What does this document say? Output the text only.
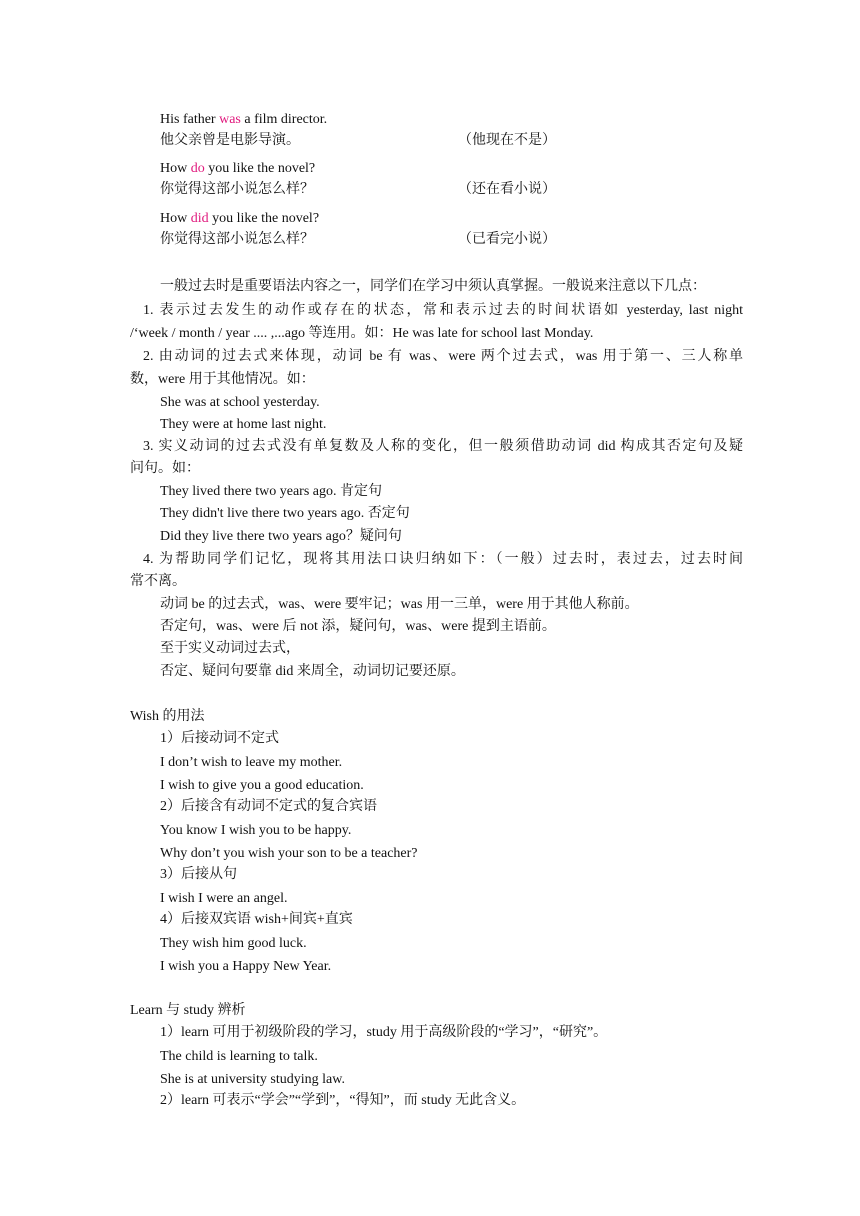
His father was a film director.
他父亲曾是电影导演。	（他现在不是）
How do you like the novel?
你觉得这部小说怎么样？	（还在看小说）
How did you like the novel?
你觉得这部小说怎么样？	（已看完小说）
一般过去时是重要语法内容之一，同学们在学习中须认真掌握。一般说来注意以下几点：
1. 表示过去发生的动作或存在的状态，常和表示过去的时间状语如 yesterday, last night
/‘week / month / year .... ,...ago 等连用。如：He was late for school last Monday.
2. 由动词的过去式来体现，动词 be 有 was、were 两个过去式，was 用于第一、三人称单
数，were 用于其他情况。如：
She was at school yesterday.
They were at home last night.
3. 实义动词的过去式没有单复数及人称的变化，但一般须借助动词 did 构成其否定句及疑
问句。如：
They lived there two years ago. 肯定句
They didn't live there two years ago. 否定句
Did they live there two years ago？疑问句
4. 为帮助同学们记忆，现将其用法口诀归纳如下：（一般）过去时，表过去，过去时间
常不离。
动词 be 的过去式，was、were 要牢记；was 用一三单，were 用于其他人称前。
否定句，was、were 后 not 添，疑问句，was、were 提到主语前。
至于实义动词过去式，
否定、疑问句要靠 did 来周全，动词切记要还原。
Wish 的用法
1）后接动词不定式
I don’t wish to leave my mother.
I wish to give you a good education.
2）后接含有动词不定式的复合宾语
You know I wish you to be happy.
Why don’t you wish your son to be a teacher?
3）后接从句
I wish I were an angel.
4）后接双宾语 wish+间宾+直宾
They wish him good luck.
I wish you a Happy New Year.
Learn 与 study 辨析
1）learn 可用于初级阶段的学习，study 用于高级阶段的“学习”，“研究”。
The child is learning to talk.
She is at university studying law.
2）learn 可表示“学会”“学到”，“得知”，而 study 无此含义。
